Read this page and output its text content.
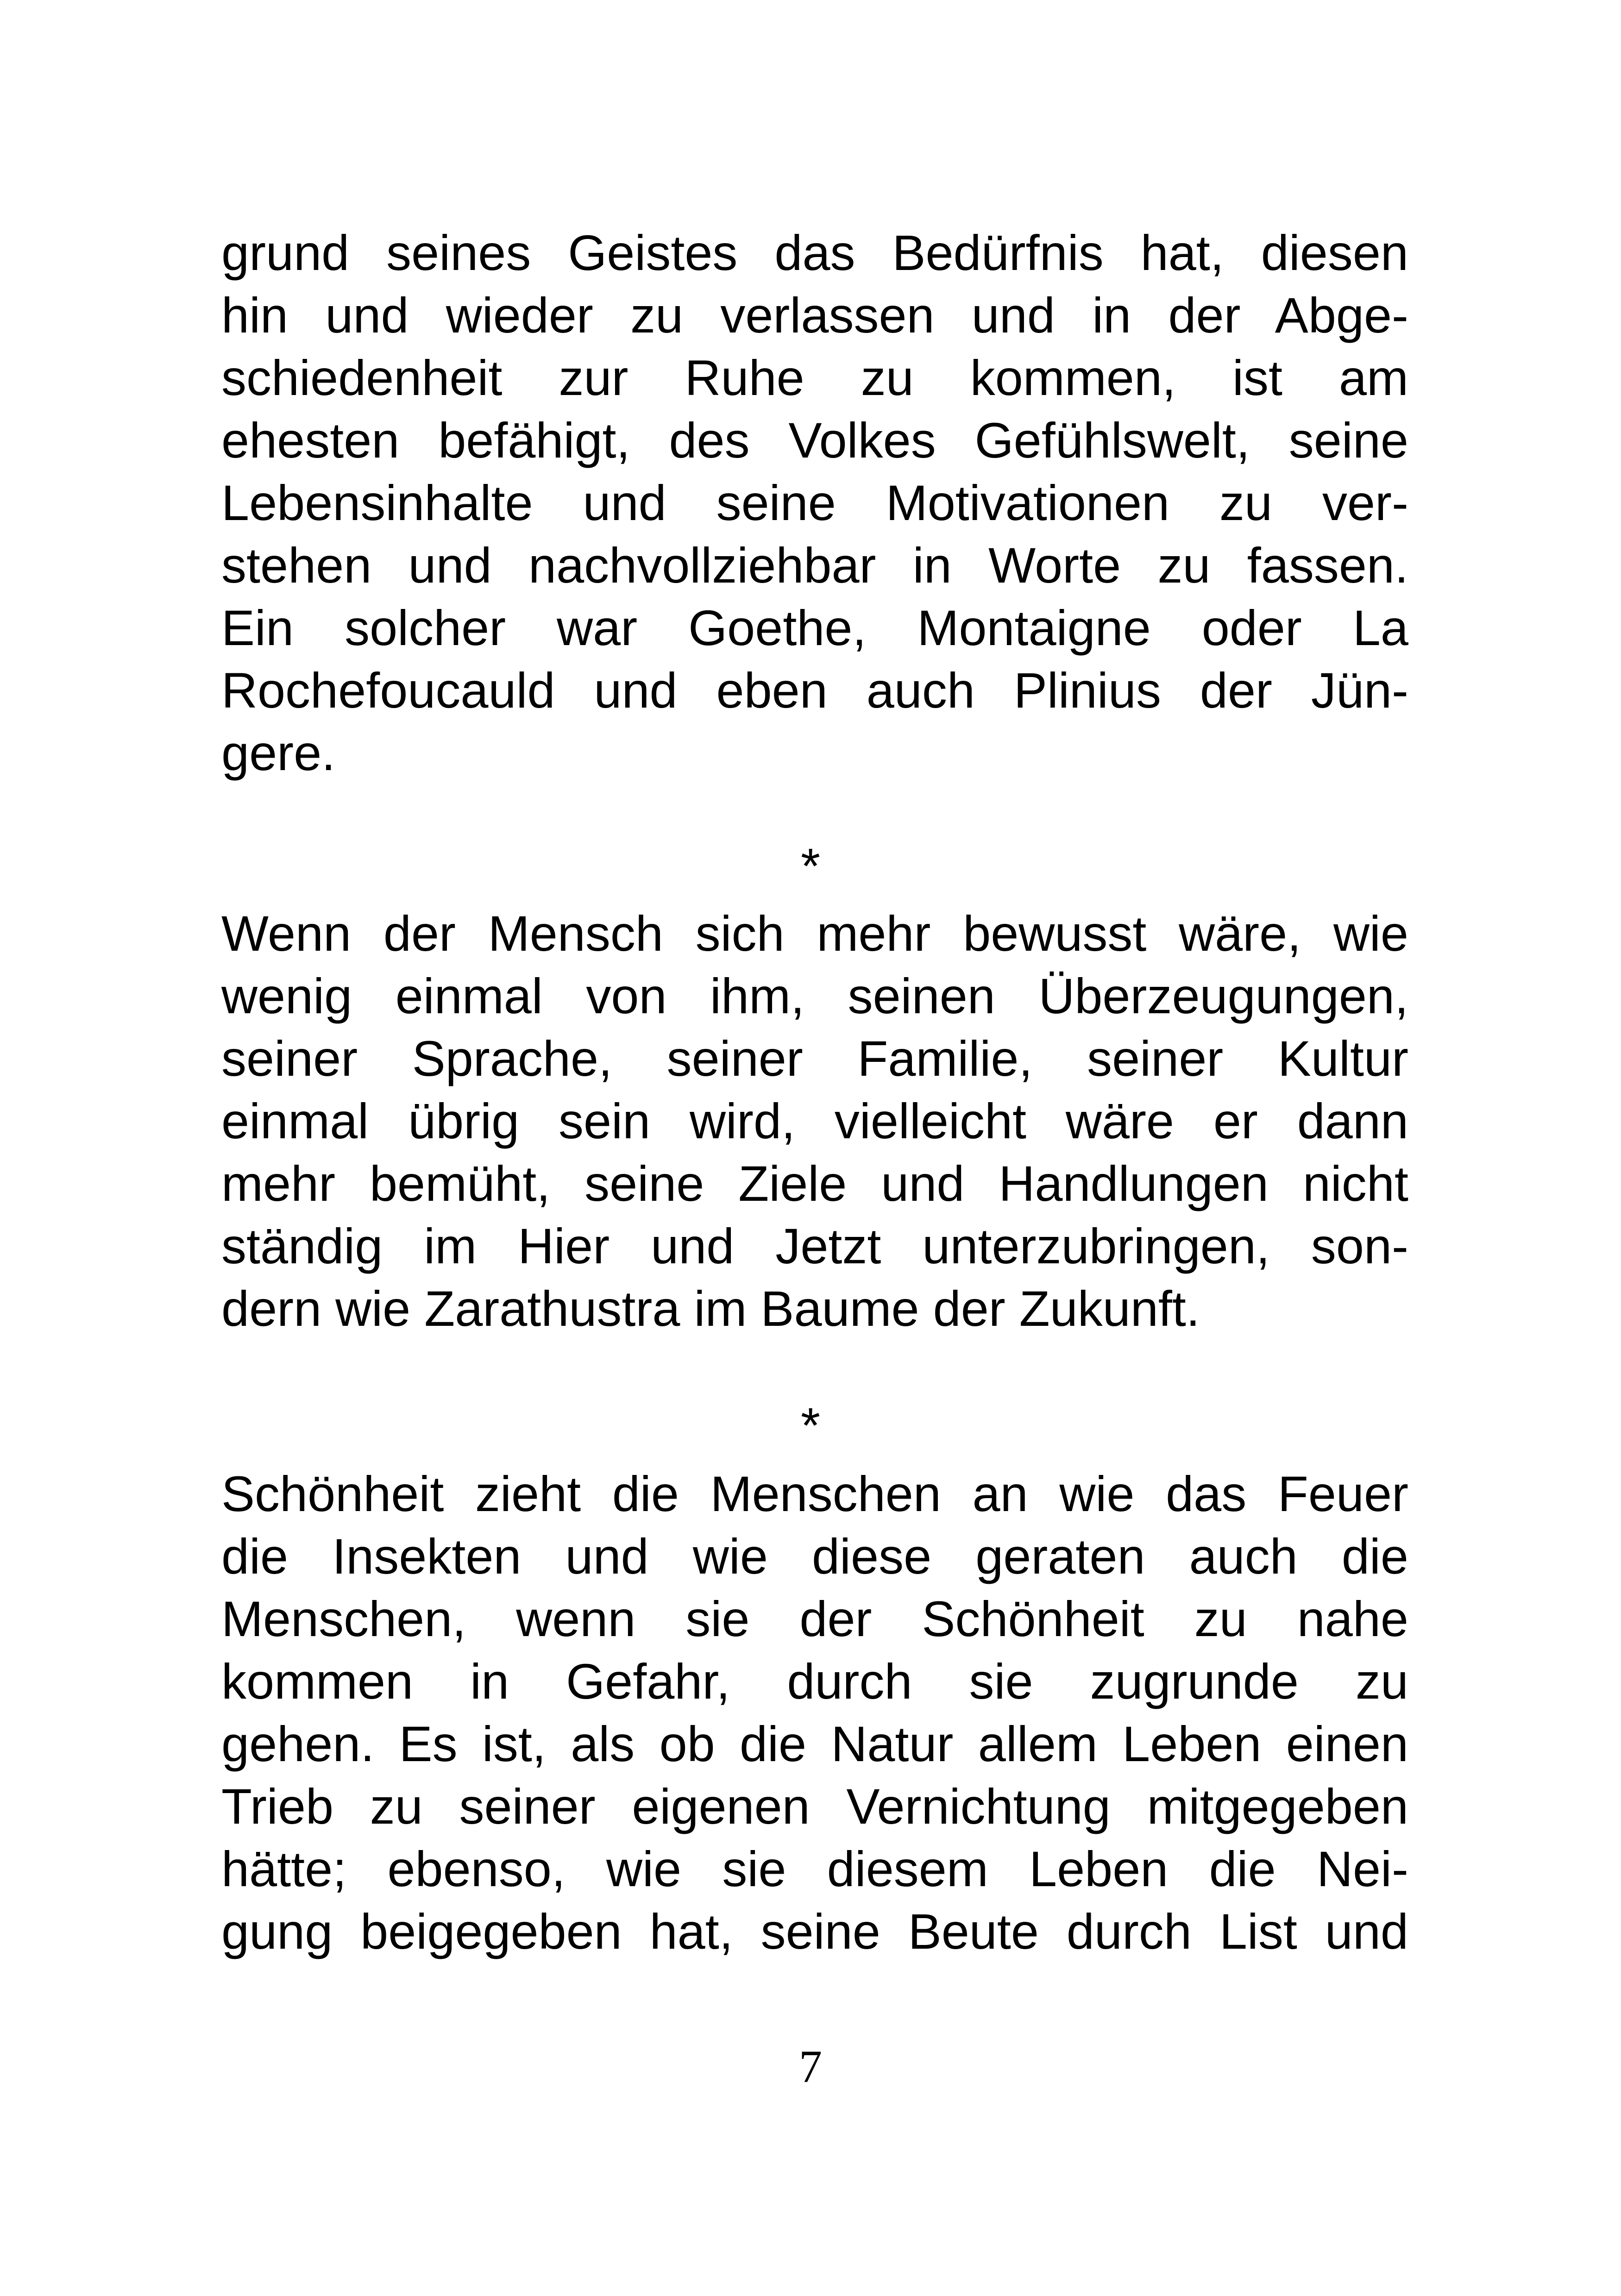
grund seines Geistes das Bedürfnis hat, diesen
hin und wieder zu verlassen und in der Abge-
schiedenheit zur Ruhe zu kommen, ist am
ehesten befähigt, des Volkes Gefühlswelt, seine
Lebensinhalte und seine Motivationen zu ver-
stehen und nachvollziehbar in Worte zu fassen.
Ein solcher war Goethe, Montaigne oder La
Rochefoucauld und eben auch Plinius der Jün-
gere.

*

Wenn der Mensch sich mehr bewusst wäre, wie
wenig einmal von ihm, seinen Überzeugungen,
seiner Sprache, seiner Familie, seiner Kultur
einmal übrig sein wird, vielleicht wäre er dann
mehr bemüht, seine Ziele und Handlungen nicht
ständig im Hier und Jetzt unterzubringen, son-
dern wie Zarathustra im Baume der Zukunft.

*

Schönheit zieht die Menschen an wie das Feuer
die Insekten und wie diese geraten auch die
Menschen, wenn sie der Schönheit zu nahe
kommen in Gefahr, durch sie zugrunde zu
gehen. Es ist, als ob die Natur allem Leben einen
Trieb zu seiner eigenen Vernichtung mitgegeben
hätte; ebenso, wie sie diesem Leben die Nei-
gung beigegeben hat, seine Beute durch List und

7
